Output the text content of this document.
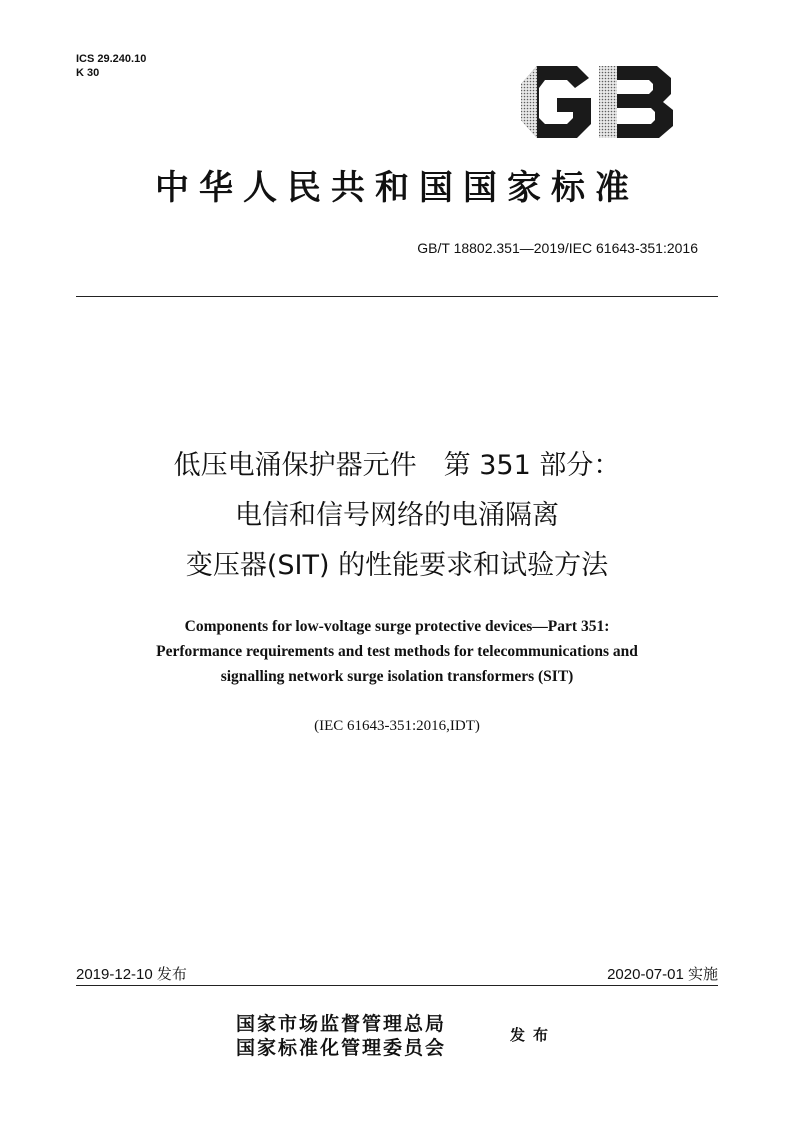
ICS 29.240.10
K 30
中华人民共和国国家标准
GB/T 18802.351—2019/IEC 61643-351:2016
低压电涌保护器元件　第 351 部分：
电信和信号网络的电涌隔离
变压器(SIT) 的性能要求和试验方法
Components for low-voltage surge protective devices—Part 351:
Performance requirements and test methods for telecommunications and
signalling network surge isolation transformers (SIT)
(IEC 61643-351:2016,IDT)
2019-12-10 发布	2020-07-01 实施
国家市场监督管理总局
国家标准化管理委员会
发布
